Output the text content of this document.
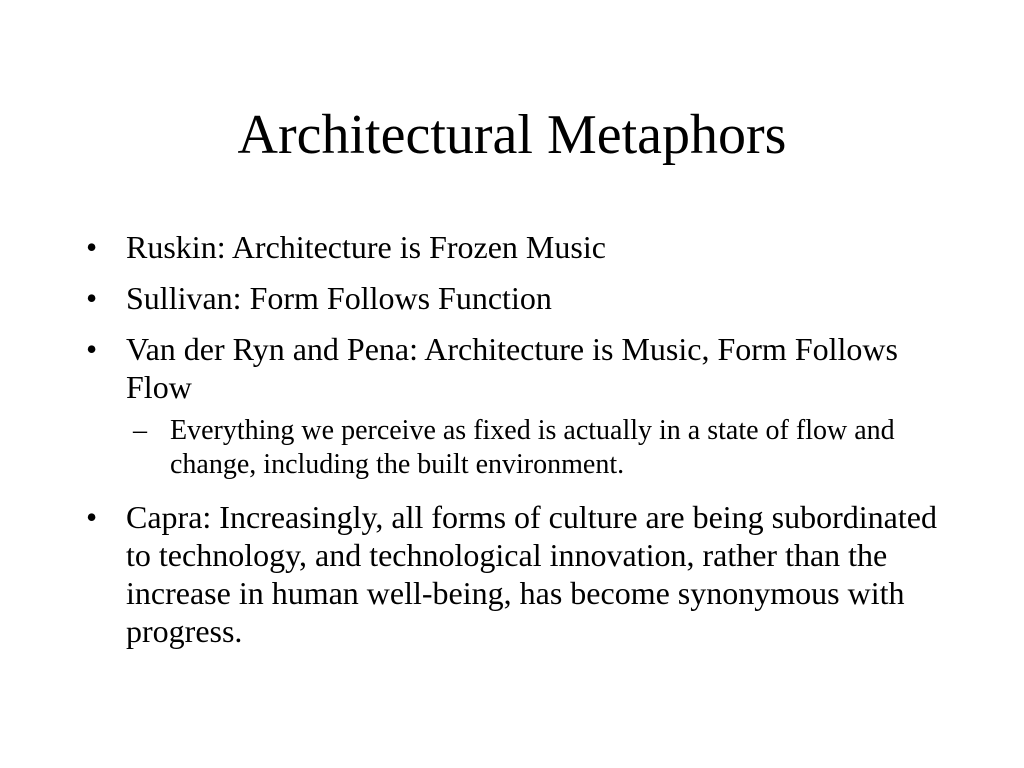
Architectural Metaphors
• Ruskin: Architecture is Frozen Music
• Sullivan: Form Follows Function
• Van der Ryn and Pena: Architecture is Music, Form Follows Flow
– Everything we perceive as fixed is actually in a state of flow and change, including the built environment.
• Capra: Increasingly, all forms of culture are being subordinated to technology, and technological innovation, rather than the increase in human well-being, has become synonymous with progress.
